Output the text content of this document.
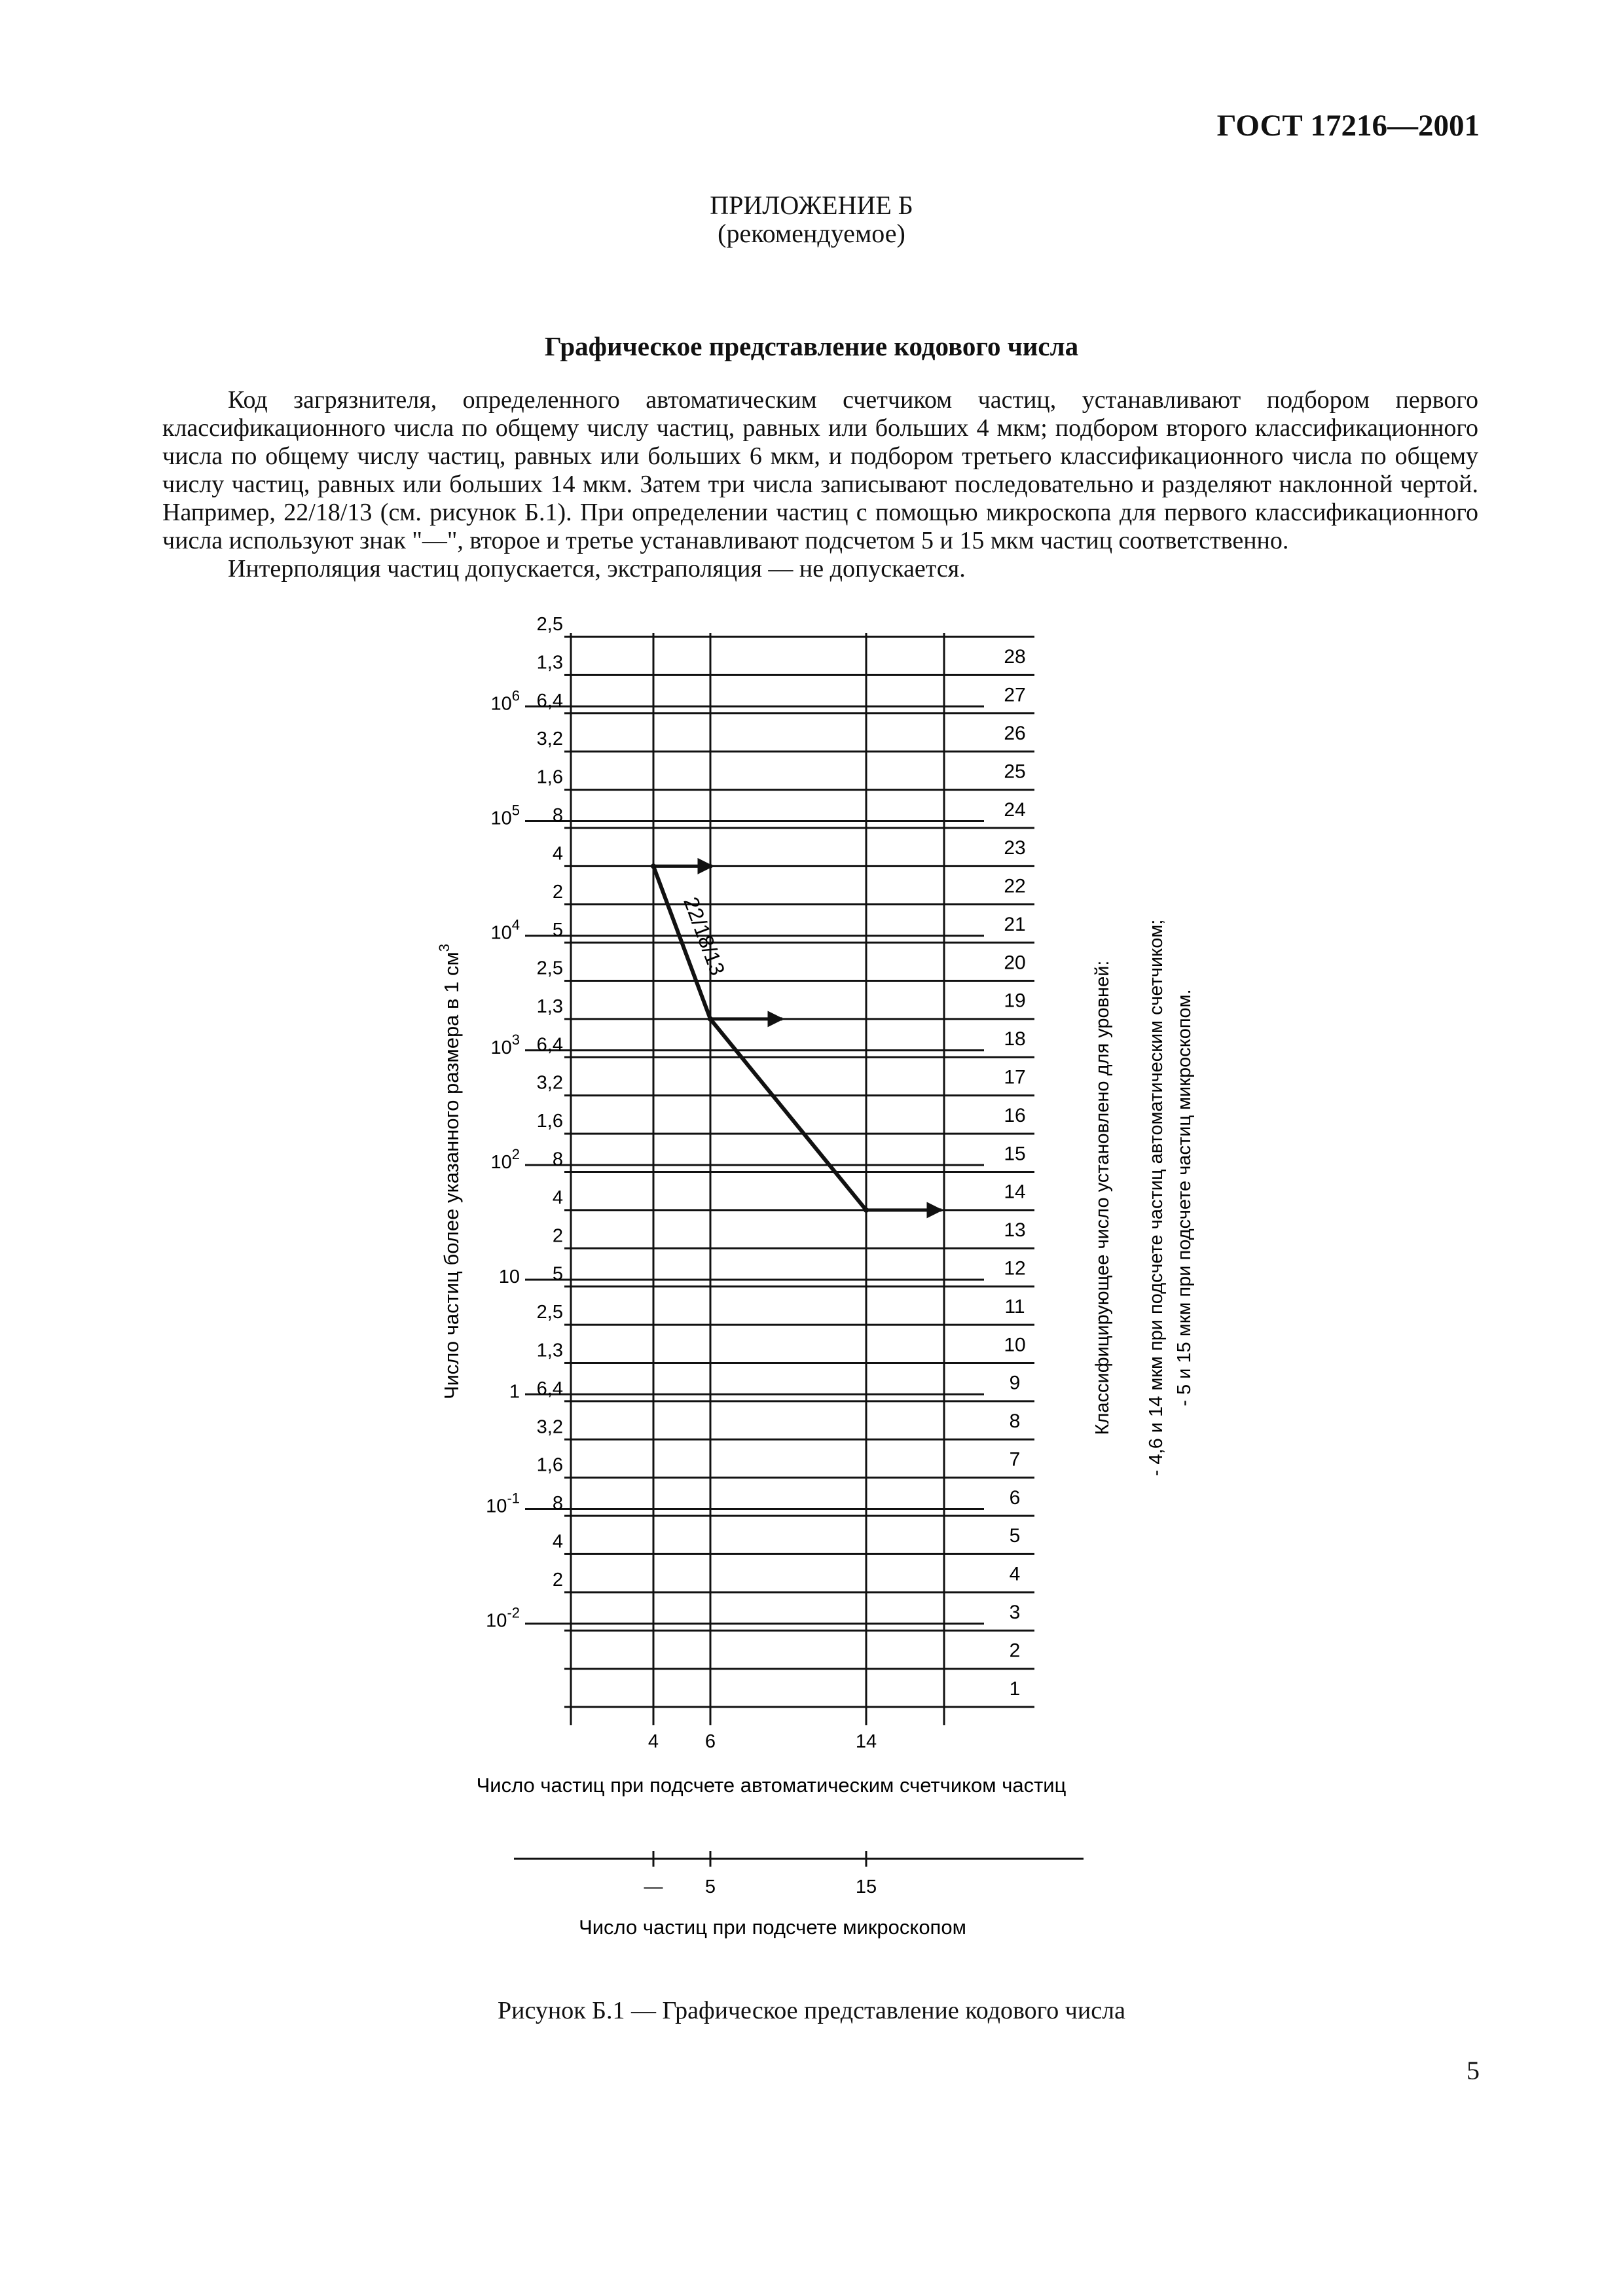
ГОСТ 17216—2001
ПРИЛОЖЕНИЕ Б
(рекомендуемое)
Графическое представление кодового числа

Код загрязнителя, определенного автоматическим счетчиком частиц, устанавливают подбором первого классификационного числа по общему числу частиц, равных или больших 4 мкм; подбором второго классификационного числа по общему числу частиц, равных или больших 6 мкм, и подбором третьего классификационного числа по общему числу частиц, равных или больших 14 мкм. Затем три числа записывают последовательно и разделяют наклонной чертой. Например, 22/18/13 (см. рисунок Б.1). При определении частиц с помощью микроскопа для первого классификационного числа используют знак "—", второе и третье устанавливают подсчетом 5 и 15 мкм частиц соответственно.

Интерполяция частиц допускается, экстраполяция — не допускается.

2,5
1,3
6,4
3,2
1,6
8
4
2
5
2,5
1,3
6,4
3,2
1,6
8
4
2
5
2,5
1,3
6,4
3,2
1,6
8
4
2
$10^6$
$10^5$
$10^4$
$10^3$
$10^2$
10
1
$10^{-1}$
$10^{-2}$
28
27
26
25
24
23
22
21
20
19
18
17
16
15
14
13
12
11
10
9
8
7
6
5
4
3
2
1
Число частиц более указанного размера в 1 $см^3$
Классифицирующее число установлено для уровней: - 4,6 и 14 мкм при подсчете частиц автоматическим счетчиком; - 5 и 15 мкм при подсчете частиц микроскопом.
4 6	14
Число частиц при подсчете автоматическим счетчиком частиц
— 5	15
Число частиц при подсчете микроскопом
22/18/13
Рисунок Б.1 — Графическое представление кодового числа
5
